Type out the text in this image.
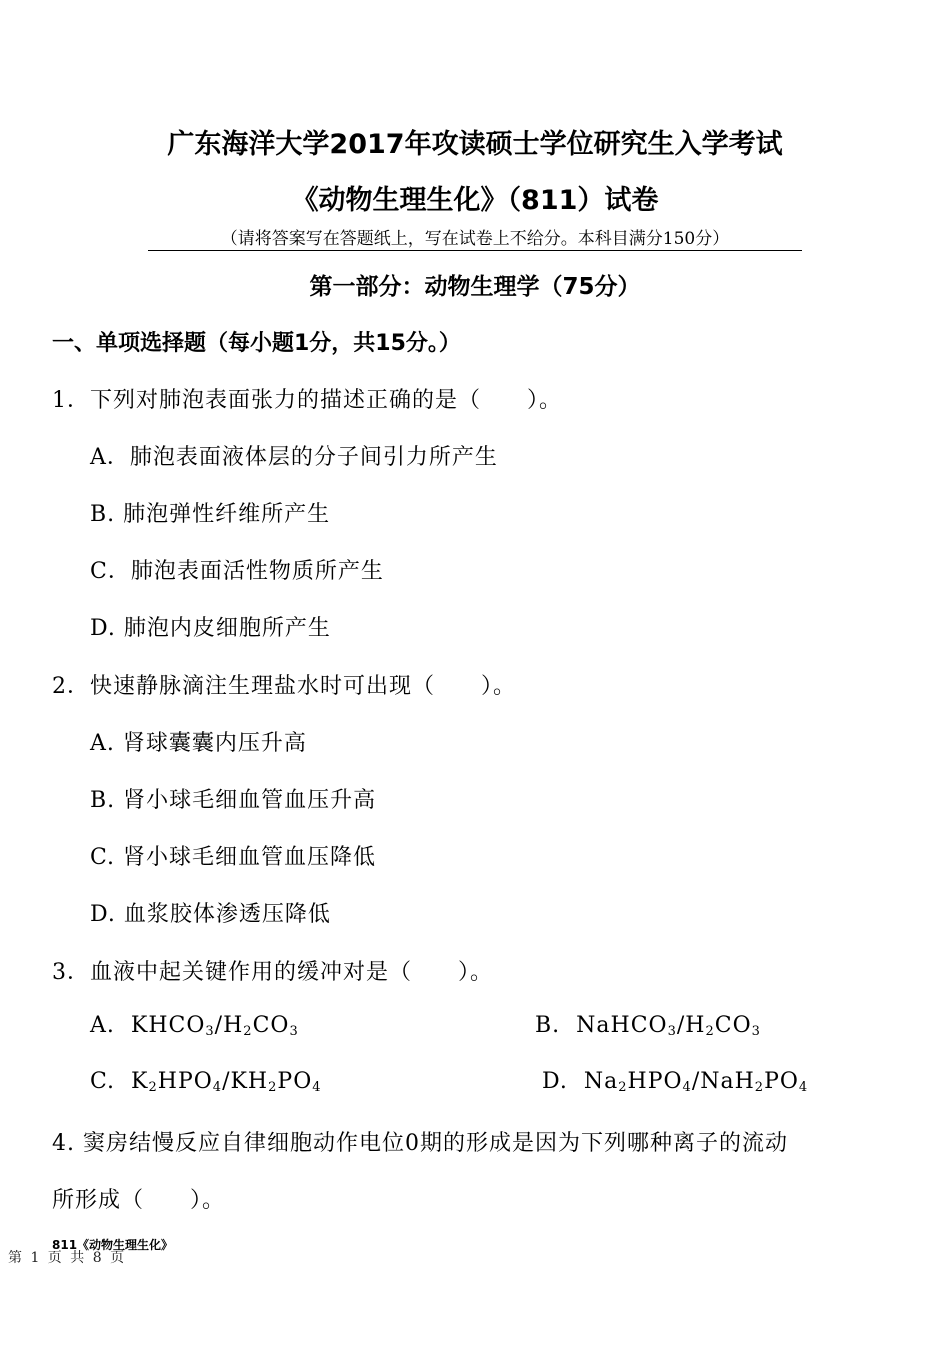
广东海洋大学2017年攻读硕士学位研究生入学考试
《动物生理生化》（811）试卷
（请将答案写在答题纸上，写在试卷上不给分。本科目满分150分）
第一部分：动物生理学（75分）
一、单项选择题（每小题1分，共15分。）
1．下列对肺泡表面张力的描述正确的是（　　）。
A．肺泡表面液体层的分子间引力所产生
B. 肺泡弹性纤维所产生
C．肺泡表面活性物质所产生
D. 肺泡内皮细胞所产生
2．快速静脉滴注生理盐水时可出现（　　）。
A. 肾球囊囊内压升高
B. 肾小球毛细血管血压升高
C. 肾小球毛细血管血压降低
D. 血浆胶体渗透压降低
3．血液中起关键作用的缓冲对是（　　）。
A. $KHCO_3/H_2CO_3$	B. $NaHCO_3/H_2CO_3$
C. $K_2HPO_4/KH_2PO_4$	D. $Na_2HPO_4/NaH_2PO_4$
4. 窦房结慢反应自律细胞动作电位0期的形成是因为下列哪种离子的流动
所形成（　　）。
811《动物生理生化》
第 1 页 共 8 页
